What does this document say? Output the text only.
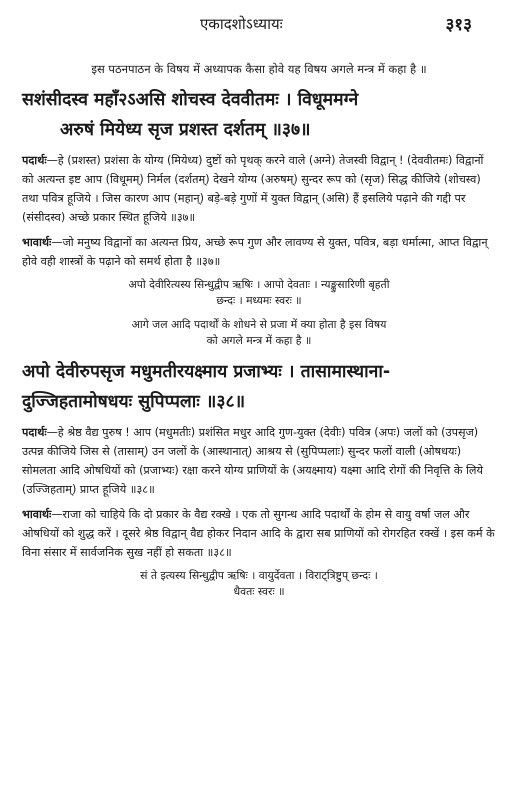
एकादशोऽध्यायः	३१३

इस पठनपाठन के विषय में अध्यापक कैसा होवे यह विषय अगले मन्त्र में कहा है ॥

सशंसीदस्व महाँ२ऽअसि शोचस्व देववीतमः । विधूममग्ने
अरुषं मियेध्य सृज प्रशस्त दर्शतम् ॥३७॥

पदार्थः—हे (प्रशस्त) प्रशंसा के योग्य (मियेध्य) दुष्टों को पृथक् करने वाले (अग्ने) तेजस्वी विद्वान् ! (देववीतमः) विद्वानों को अत्यन्त इष्ट आप (विधूमम्) निर्मल (दर्शतम्) देखने योग्य (अरुषम्) सुन्दर रूप को (सृज) सिद्ध कीजिये (शोचस्व) तथा पवित्र हूजिये । जिस कारण आप (महान्) बड़े-बड़े गुणों में युक्त विद्वान् (असि) हैं इसलिये पढ़ाने की गद्दी पर (संसीदस्व) अच्छे प्रकार स्थित हूजिये ॥३७॥

भावार्थः—जो मनुष्य विद्वानों का अत्यन्त प्रिय, अच्छे रूप गुण और लावण्य से युक्त, पवित्र, बड़ा धर्मात्मा, आप्त विद्वान् होवे वही शास्त्रों के पढ़ाने को समर्थ होता है ॥३७॥

अपो देवीरित्यस्य सिन्धुद्वीप ऋषिः । आपो देवताः । न्यङ्कुसारिणी बृहती
छन्दः । मध्यमः स्वरः ॥
आगे जल आदि पदार्थों के शोधने से प्रजा में क्या होता है इस विषय
को अगले मन्त्र में कहा है ॥
अपो देवीरुपसृज मधुमतीरयक्ष्माय प्रजाभ्यः । तासामास्थाना-
दुज्जिहतामोषधयः सुपिप्पलाः ॥३८॥

पदार्थः—हे श्रेष्ठ वैद्य पुरुष ! आप (मधुमतीः) प्रशंसित मधुर आदि गुण-युक्त (देवीः) पवित्र (अपः) जलों को (उपसृज) उत्पन्न कीजिये जिस से (तासाम्) उन जलों के (आस्थानात्) आश्रय से (सुपिप्पलाः) सुन्दर फलों वाली (ओषधयः) सोमलता आदि ओषधियों को (प्रजाभ्यः) रक्षा करने योग्य प्राणियों के (अयक्ष्माय) यक्ष्मा आदि रोगों की निवृत्ति के लिये (उज्जिहताम्) प्राप्त हूजिये ॥३८॥

भावार्थः—राजा को चाहिये कि दो प्रकार के वैद्य रक्खे । एक तो सुगन्ध आदि पदार्थों के होम से वायु वर्षा जल और ओषधियों को शुद्ध करें । दूसरे श्रेष्ठ विद्वान् वैद्य होकर निदान आदि के द्वारा सब प्राणियों को रोगरहित रक्खें । इस कर्म के विना संसार में सार्वजनिक सुख नहीं हो सकता ॥३८॥

सं ते इत्यस्य सिन्धुद्वीप ऋषिः । वायुर्देवता । विराट्त्रिष्टुप् छन्दः ।
धैवतः स्वरः ॥
